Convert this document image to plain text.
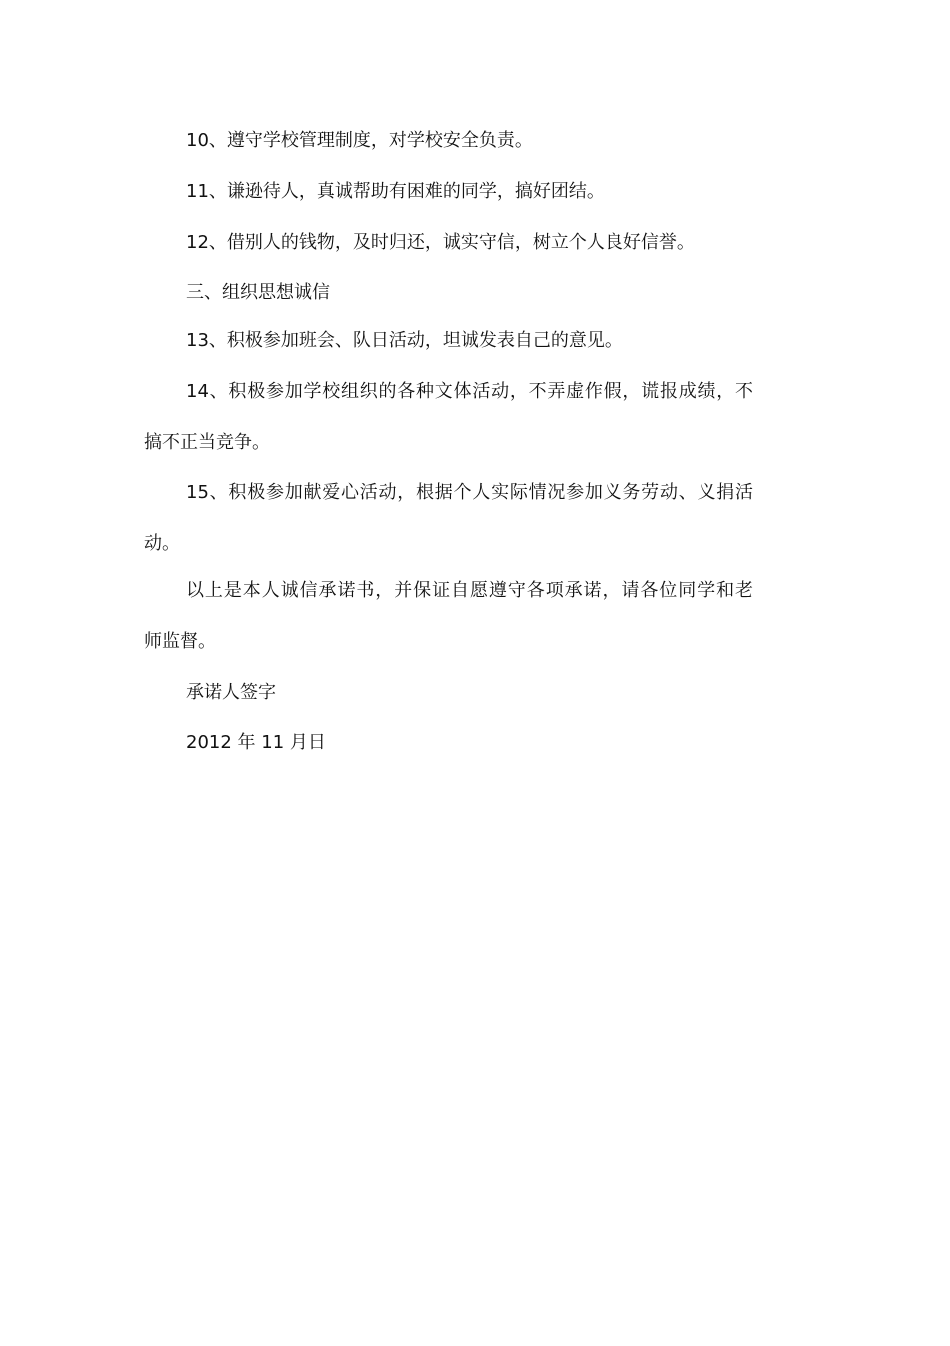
10、遵守学校管理制度，对学校安全负责。
11、谦逊待人，真诚帮助有困难的同学，搞好团结。
12、借别人的钱物，及时归还，诚实守信，树立个人良好信誉。
三、组织思想诚信
13、积极参加班会、队日活动，坦诚发表自己的意见。
14、积极参加学校组织的各种文体活动，不弄虚作假，谎报成绩，不
搞不正当竞争。
15、积极参加献爱心活动，根据个人实际情况参加义务劳动、义捐活
动。
以上是本人诚信承诺书，并保证自愿遵守各项承诺，请各位同学和老
师监督。
承诺人签字
2012 年 11 月日
